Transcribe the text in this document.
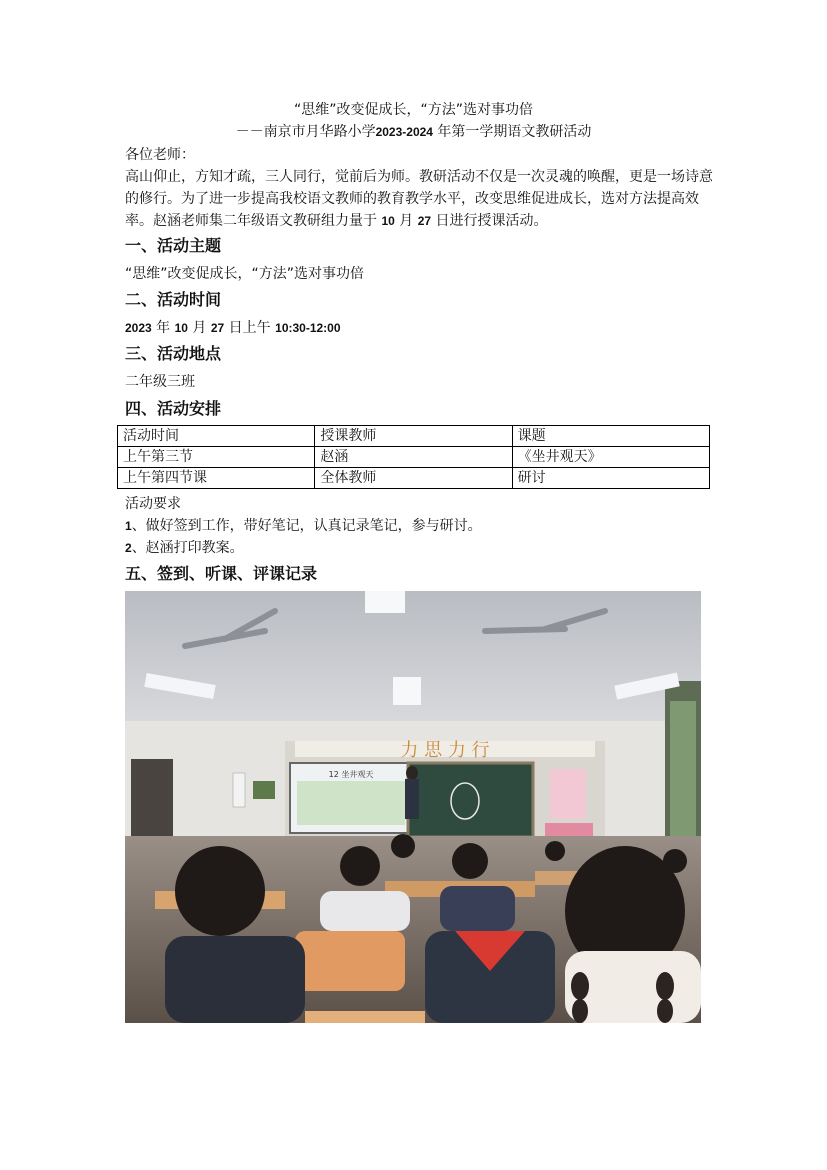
“思维”改变促成长，“方法”选对事功倍
－－南京市月华路小学2023-2024 年第一学期语文教研活动
各位老师：
高山仰止，方知才疏，三人同行，觉前后为师。教研活动不仅是一次灵魂的唤醒，更是一场诗意的修行。为了进一步提高我校语文教师的教育教学水平，改变思维促进成长，选对方法提高效率。赵涵老师集二年级语文教研组力量于 10 月 27 日进行授课活动。
一、活动主题
“思维”改变促成长，“方法”选对事功倍
二、活动时间
2023 年 10 月 27 日上午 10:30-12:00
三、活动地点
二年级三班
四、活动安排
活动时间	授课教师	课题
上午第三节	赵涵	《坐井观天》
上午第四节课	全体教师	研讨
活动要求
1、做好签到工作，带好笔记，认真记录笔记，参与研讨。
2、赵涵打印教案。
五、签到、听课、评课记录
力 思 力 行
12 坐井观天
